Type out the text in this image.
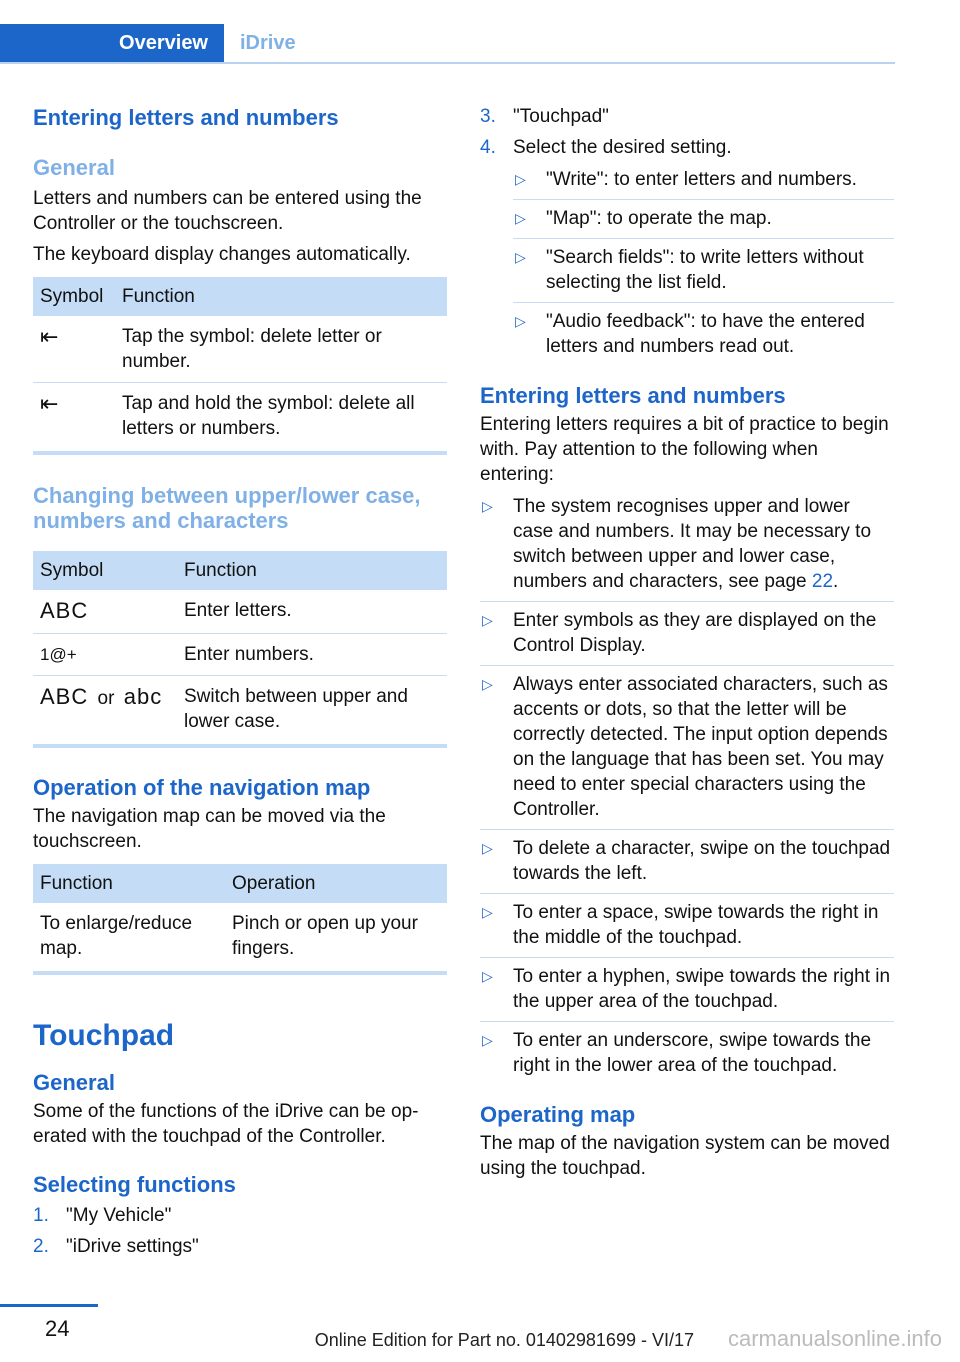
Overview	iDrive
Entering letters and numbers
General

Letters and numbers can be entered using the Controller or the touchscreen.

The keyboard display changes automatically.

Symbol	Function
⇤	Tap the symbol: delete letter or number.
⇤	Tap and hold the symbol: delete all letters or numbers.
Changing between upper/lower case, numbers and characters
Symbol	Function
ABC	Enter letters.
1@+	Enter numbers.
ABC or abc	Switch between upper and lower case.
Operation of the navigation map

The navigation map can be moved via the touchscreen.

Function	Operation
To enlarge/reduce map.	Pinch or open up your fingers.
Touchpad
General

Some of the functions of the iDrive can be operated with the touchpad of the Controller.

Selecting functions
1. "My Vehicle"
2. "iDrive settings"
3. "Touchpad"
4. Select the desired setting.
▷ "Write": to enter letters and numbers.
▷ "Map": to operate the map.
▷ "Search fields": to write letters without selecting the list field.
▷ "Audio feedback": to have the entered letters and numbers read out.
Entering letters and numbers

Entering letters requires a bit of practice to begin with. Pay attention to the following when entering:

▷ The system recognises upper and lower case and numbers. It may be necessary to switch between upper and lower case, numbers and characters, see page 22.
▷ Enter symbols as they are displayed on the Control Display.
▷ Always enter associated characters, such as accents or dots, so that the letter will be correctly detected. The input option depends on the language that has been set. You may need to enter special characters using the Controller.
▷ To delete a character, swipe on the touchpad towards the left.
▷ To enter a space, swipe towards the right in the middle of the touchpad.
▷ To enter a hyphen, swipe towards the right in the upper area of the touchpad.
▷ To enter an underscore, swipe towards the right in the lower area of the touchpad.
Operating map

The map of the navigation system can be moved using the touchpad.

24	Online Edition for Part no. 01402981699 - VI/17 carmanualsonline.info
